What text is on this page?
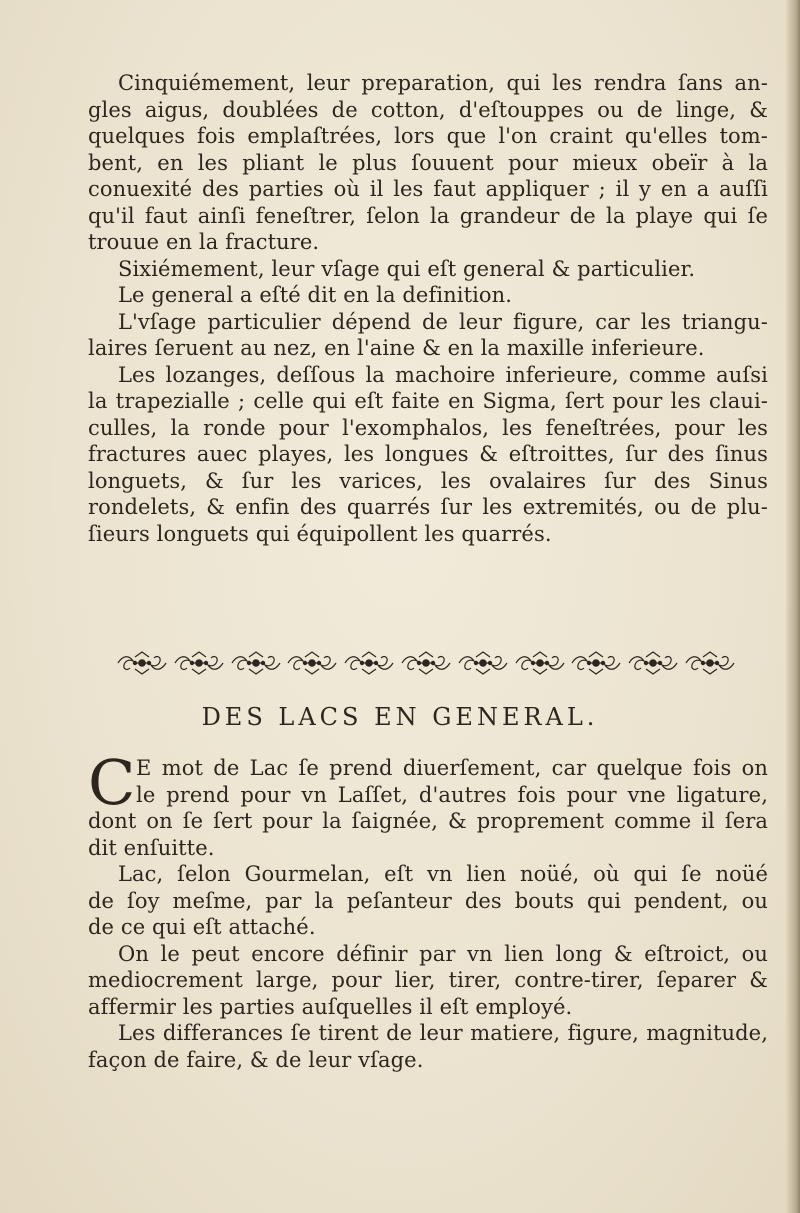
Cinquiémement, leur preparation, qui les rendra ſans an-
gles aigus, doublées de cotton, d'eſtouppes ou de linge, &
quelques fois emplaſtrées, lors que l'on craint qu'elles tom-
bent, en les pliant le plus ſouuent pour mieux obeïr à la
conuexité des parties où il les faut appliquer ; il y en a auſſi
qu'il faut ainſi feneſtrer, ſelon la grandeur de la playe qui ſe
trouue en la fracture.

Sixiémement, leur vſage qui eſt general & particulier.

Le general a eſté dit en la definition.

L'vſage particulier dépend de leur figure, car les triangu-
laires ſeruent au nez, en l'aine & en la maxille inferieure.

Les lozanges, deſſous la machoire inferieure, comme auſsi
la trapezialle ; celle qui eſt faite en Sigma, ſert pour les claui-
culles, la ronde pour l'exomphalos, les feneſtrées, pour les
fractures auec playes, les longues & eſtroittes, ſur des ſinus
longuets, & ſur les varices, les ovalaires ſur des Sinus
rondelets, & enfin des quarrés ſur les extremités, ou de plu-
ſieurs longuets qui équipollent les quarrés.

DES LACS EN GENERAL.

C E mot de Lac ſe prend diuerſement, car quelque fois on
le prend pour vn Laſſet, d'autres fois pour vne ligature,
dont on ſe ſert pour la ſaignée, & proprement comme il ſera
dit enſuitte.

Lac, ſelon Gourmelan, eſt vn lien noüé, où qui ſe noüé
de ſoy meſme, par la peſanteur des bouts qui pendent, ou
de ce qui eſt attaché.

On le peut encore définir par vn lien long & eſtroict, ou
mediocrement large, pour lier, tirer, contre-tirer, ſeparer &
affermir les parties auſquelles il eſt employé.

Les differances ſe tirent de leur matiere, figure, magnitude,
façon de faire, & de leur vſage.
